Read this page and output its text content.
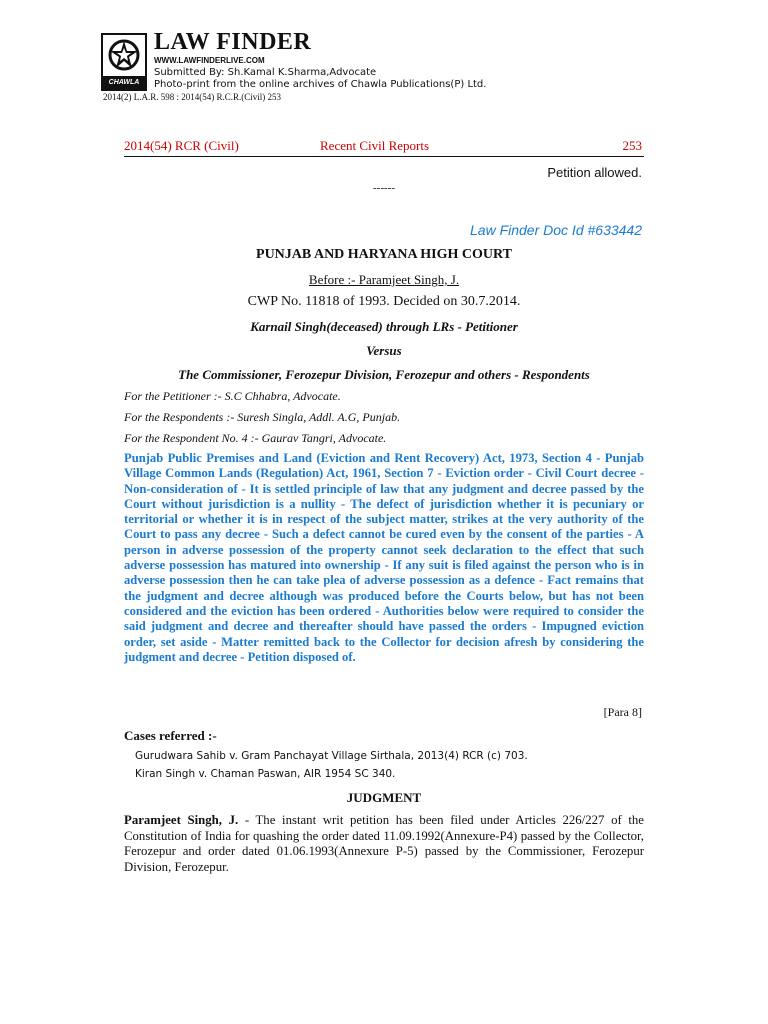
CHAWLA
LAW FINDER
WWW.LAWFINDERLIVE.COM
Submitted By: Sh.Kamal K.Sharma,Advocate
Photo-print from the online archives of Chawla Publications(P) Ltd.
2014(2) L.A.R. 598 : 2014(54) R.C.R.(Civil) 253
2014(54) RCR (Civil)	Recent Civil Reports	253
Petition allowed.
------
Law Finder Doc Id #633442
PUNJAB AND HARYANA HIGH COURT
Before :- Paramjeet Singh, J.
CWP No. 11818 of 1993. Decided on 30.7.2014.
Karnail Singh(deceased) through LRs - Petitioner
Versus
The Commissioner, Ferozepur Division, Ferozepur and others - Respondents
For the Petitioner :- S.C Chhabra, Advocate.
For the Respondents :- Suresh Singla, Addl. A.G, Punjab.
For the Respondent No. 4 :- Gaurav Tangri, Advocate.
Punjab Public Premises and Land (Eviction and Rent Recovery) Act, 1973, Section 4 - Punjab Village Common Lands (Regulation) Act, 1961, Section 7 - Eviction order - Civil Court decree - Non-consideration of - It is settled principle of law that any judgment and decree passed by the Court without jurisdiction is a nullity - The defect of jurisdiction whether it is pecuniary or territorial or whether it is in respect of the subject matter, strikes at the very authority of the Court to pass any decree - Such a defect cannot be cured even by the consent of the parties - A person in adverse possession of the property cannot seek declaration to the effect that such adverse possession has matured into ownership - If any suit is filed against the person who is in adverse possession then he can take plea of adverse possession as a defence - Fact remains that the judgment and decree although was produced before the Courts below, but has not been considered and the eviction has been ordered - Authorities below were required to consider the said judgment and decree and thereafter should have passed the orders - Impugned eviction order, set aside - Matter remitted back to the Collector for decision afresh by considering the judgment and decree - Petition disposed of.
[Para 8]
Cases referred :-
Gurudwara Sahib v. Gram Panchayat Village Sirthala, 2013(4) RCR (c) 703.
Kiran Singh v. Chaman Paswan, AIR 1954 SC 340.
JUDGMENT
Paramjeet Singh, J. - The instant writ petition has been filed under Articles 226/227 of the Constitution of India for quashing the order dated 11.09.1992(Annexure-P4) passed by the Collector, Ferozepur and order dated 01.06.1993(Annexure P-5) passed by the Commissioner, Ferozepur Division, Ferozepur.
